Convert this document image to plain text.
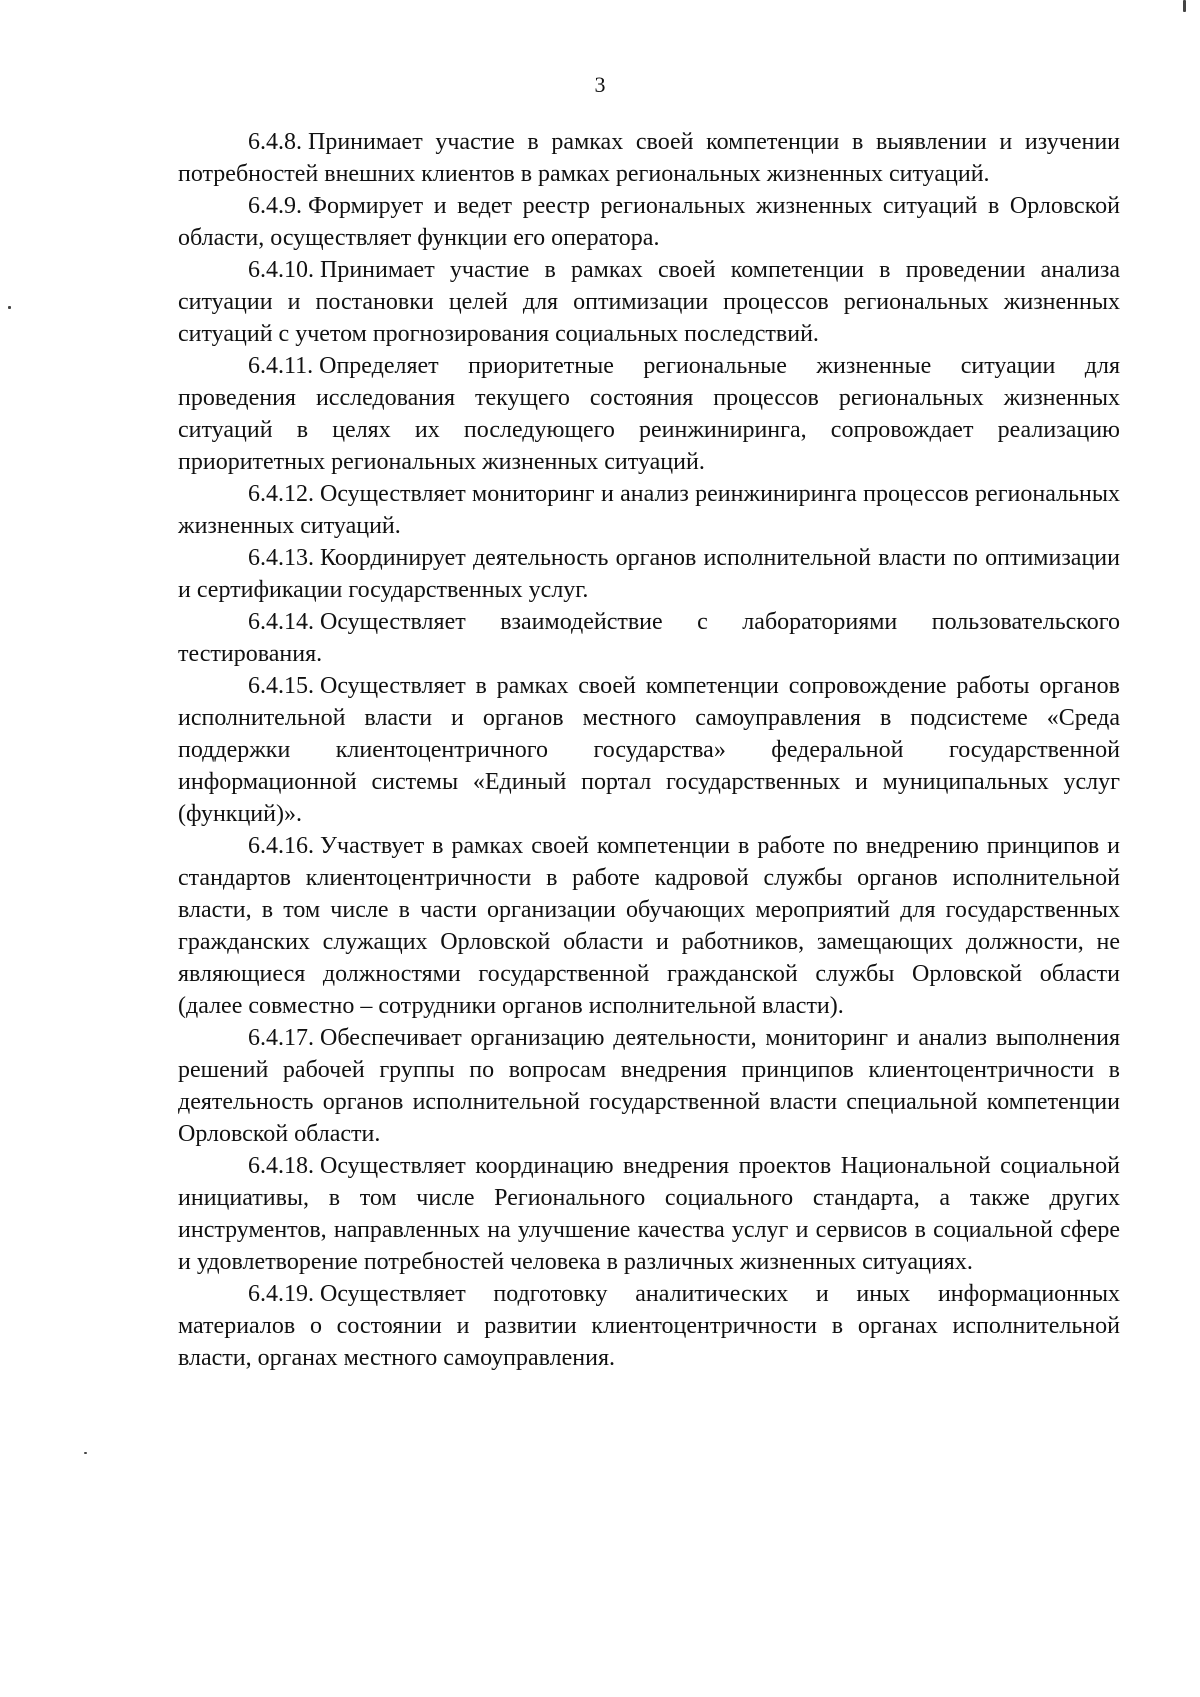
3

6.4.8. Принимает участие в рамках своей компетенции в выявлении и изучении потребностей внешних клиентов в рамках региональных жизненных ситуаций.

6.4.9. Формирует и ведет реестр региональных жизненных ситуаций в Орловской области, осуществляет функции его оператора.

6.4.10. Принимает участие в рамках своей компетенции в проведении анализа ситуации и постановки целей для оптимизации процессов региональных жизненных ситуаций с учетом прогнозирования социальных последствий.

6.4.11. Определяет приоритетные региональные жизненные ситуации для проведения исследования текущего состояния процессов региональных жизненных ситуаций в целях их последующего реинжиниринга, сопровождает реализацию приоритетных региональных жизненных ситуаций.

6.4.12. Осуществляет мониторинг и анализ реинжиниринга процессов региональных жизненных ситуаций.

6.4.13. Координирует деятельность органов исполнительной власти по оптимизации и сертификации государственных услуг.

6.4.14. Осуществляет взаимодействие с лабораториями пользовательского тестирования.

6.4.15. Осуществляет в рамках своей компетенции сопровождение работы органов исполнительной власти и органов местного самоуправления в подсистеме «Среда поддержки клиентоцентричного государства» федеральной государственной информационной системы «Единый портал государственных и муниципальных услуг (функций)».

6.4.16. Участвует в рамках своей компетенции в работе по внедрению принципов и стандартов клиентоцентричности в работе кадровой службы органов исполнительной власти, в том числе в части организации обучающих мероприятий для государственных гражданских служащих Орловской области и работников, замещающих должности, не являющиеся должностями государственной гражданской службы Орловской области (далее совместно – сотрудники органов исполнительной власти).

6.4.17. Обеспечивает организацию деятельности, мониторинг и анализ выполнения решений рабочей группы по вопросам внедрения принципов клиентоцентричности в деятельность органов исполнительной государственной власти специальной компетенции Орловской области.

6.4.18. Осуществляет координацию внедрения проектов Национальной социальной инициативы, в том числе Регионального социального стандарта, а также других инструментов, направленных на улучшение качества услуг и сервисов в социальной сфере и удовлетворение потребностей человека в различных жизненных ситуациях.

6.4.19. Осуществляет подготовку аналитических и иных информационных материалов о состоянии и развитии клиентоцентричности в органах исполнительной власти, органах местного самоуправления.
